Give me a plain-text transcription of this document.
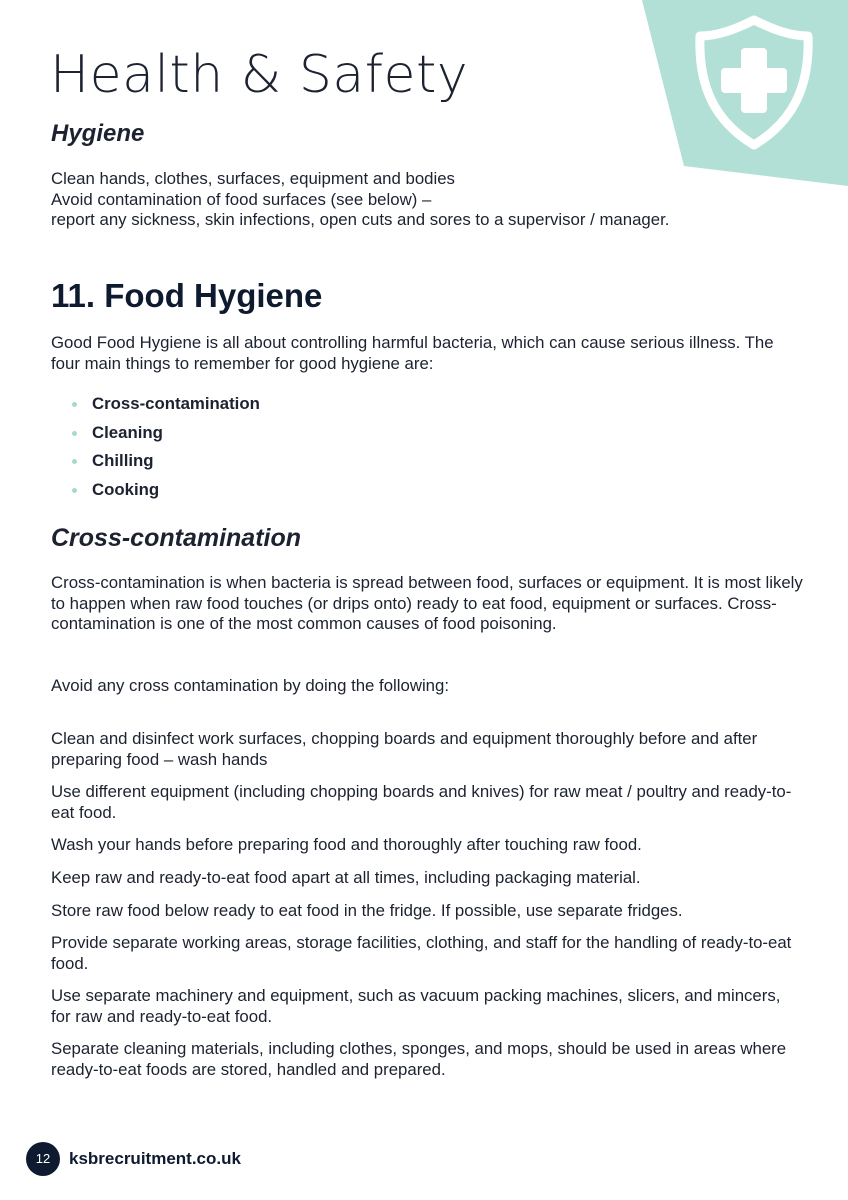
Health & Safety
Hygiene
Clean hands, clothes, surfaces, equipment and bodies
Avoid contamination of food surfaces (see below) –
report any sickness, skin infections, open cuts and sores to a supervisor / manager.
11. Food Hygiene

Good Food Hygiene is all about controlling harmful bacteria, which can cause serious illness. The four main things to remember for good hygiene are:

Cross-contamination
Cleaning
Chilling
Cooking
Cross-contamination

Cross-contamination is when bacteria is spread between food, surfaces or equipment. It is most likely to happen when raw food touches (or drips onto) ready to eat food, equipment or surfaces. Cross-contamination is one of the most common causes of food poisoning.

Avoid any cross contamination by doing the following:

Clean and disinfect work surfaces, chopping boards and equipment thoroughly before and after preparing food – wash hands

Use different equipment (including chopping boards and knives) for raw meat / poultry and ready-to-eat food.

Wash your hands before preparing food and thoroughly after touching raw food.

Keep raw and ready-to-eat food apart at all times, including packaging material.

Store raw food below ready to eat food in the fridge. If possible, use separate fridges.

Provide separate working areas, storage facilities, clothing, and staff for the handling of ready-to-eat food.

Use separate machinery and equipment, such as vacuum packing machines, slicers, and mincers, for raw and ready-to-eat food.

Separate cleaning materials, including clothes, sponges, and mops, should be used in areas where ready-to-eat foods are stored, handled and prepared.

12	ksbrecruitment.co.uk
